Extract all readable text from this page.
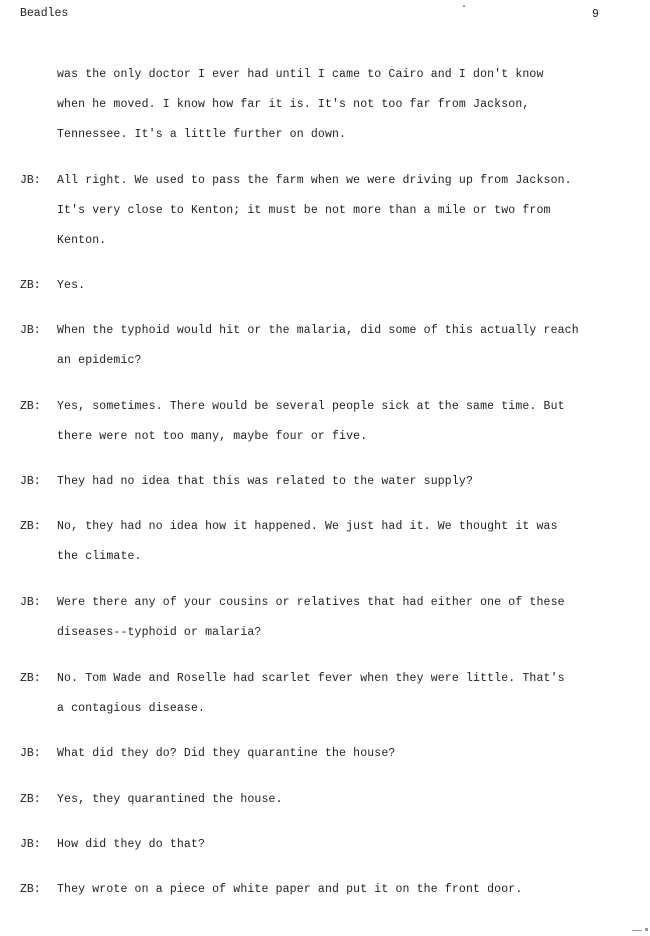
Beadles	9
was the only doctor I ever had until I came to Cairo and I don't know
when he moved. I know how far it is. It's not too far from Jackson,
Tennessee. It's a little further on down.
JB: All right. We used to pass the farm when we were driving up from Jackson.
It's very close to Kenton; it must be not more than a mile or two from
Kenton.
ZB: Yes.
JB: When the typhoid would hit or the malaria, did some of this actually reach
an epidemic?
ZB: Yes, sometimes. There would be several people sick at the same time. But
there were not too many, maybe four or five.
JB: They had no idea that this was related to the water supply?
ZB: No, they had no idea how it happened. We just had it. We thought it was
the climate.
JB: Were there any of your cousins or relatives that had either one of these
diseases--typhoid or malaria?
ZB: No. Tom Wade and Roselle had scarlet fever when they were little. That's
a contagious disease.
JB: What did they do? Did they quarantine the house?
ZB: Yes, they quarantined the house.
JB: How did they do that?
ZB: They wrote on a piece of white paper and put it on the front door.
